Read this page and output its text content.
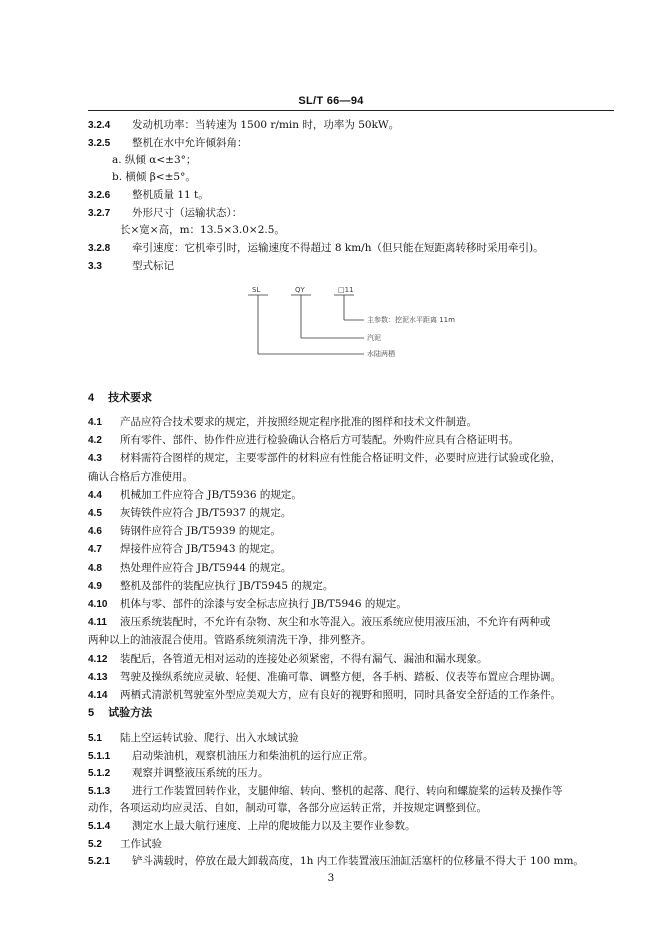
SL/T 66—94
3.2.4 发动机功率：当转速为 1500 r/min 时，功率为 50kW。
3.2.5 整机在水中允许倾斜角：
a. 纵倾 α<±3°；
b. 横倾 β<±5°。
3.2.6 整机质量 11 t。
3.2.7 外形尺寸（运输状态）：
长×宽×高，m：13.5×3.0×2.5。
3.2.8 牵引速度：它机牵引时，运输速度不得超过 8 km/h（但只能在短距离转移时采用牵引)。
3.3	型式标记
SL	QY	□11
主参数：挖泥水平距离 11m
汽泥
水陆两栖
4 技术要求
4.1 产品应符合技术要求的规定，并按照经规定程序批准的图样和技术文件制造。
4.2 所有零件、部件、协作件应进行检验确认合格后方可装配。外购件应具有合格证明书。
4.3 材料需符合图样的规定，主要零部件的材料应有性能合格证明文件，必要时应进行试验或化验，
确认合格后方准使用。
4.4 机械加工件应符合 JB/T5936 的规定。
4.5 灰铸铁件应符合 JB/T5937 的规定。
4.6 铸钢件应符合 JB/T5939 的规定。
4.7 焊接件应符合 JB/T5943 的规定。
4.8 热处理件应符合 JB/T5944 的规定。
4.9 整机及部件的装配应执行 JB/T5945 的规定。
4.10 机体与零、部件的涂漆与安全标志应执行 JB/T5946 的规定。
4.11 液压系统装配时，不允许有杂物、灰尘和水等混入。液压系统应使用液压油，不允许有两种或
两种以上的油液混合使用。管路系统须清洗干净，排列整齐。
4.12 装配后，各管道无相对运动的连接处必须紧密，不得有漏气、漏油和漏水现象。
4.13 驾驶及操纵系统应灵敏、轻便、准确可靠、调整方便，各手柄、踏板、仪表等布置应合理协调。
4.14 两栖式清淤机驾驶室外型应美观大方，应有良好的视野和照明，同时具备安全舒适的工作条件。
5 试验方法
5.1 陆上空运转试验、爬行、出入水域试验
5.1.1 启动柴油机，观察机油压力和柴油机的运行应正常。
5.1.2 观察并调整液压系统的压力。
5.1.3 进行工作装置回转作业，支腿伸缩、转向、整机的起落、爬行、转向和螺旋桨的运转及操作等
动作，各项运动均应灵活、自如，制动可靠，各部分应运转正常，并按规定调整到位。
5.1.4 测定水上最大航行速度、上岸的爬坡能力以及主要作业参数。
5.2 工作试验
5.2.1 铲斗满载时，停放在最大卸载高度，1h 内工作装置液压油缸活塞杆的位移量不得大于 100 mm。
3
